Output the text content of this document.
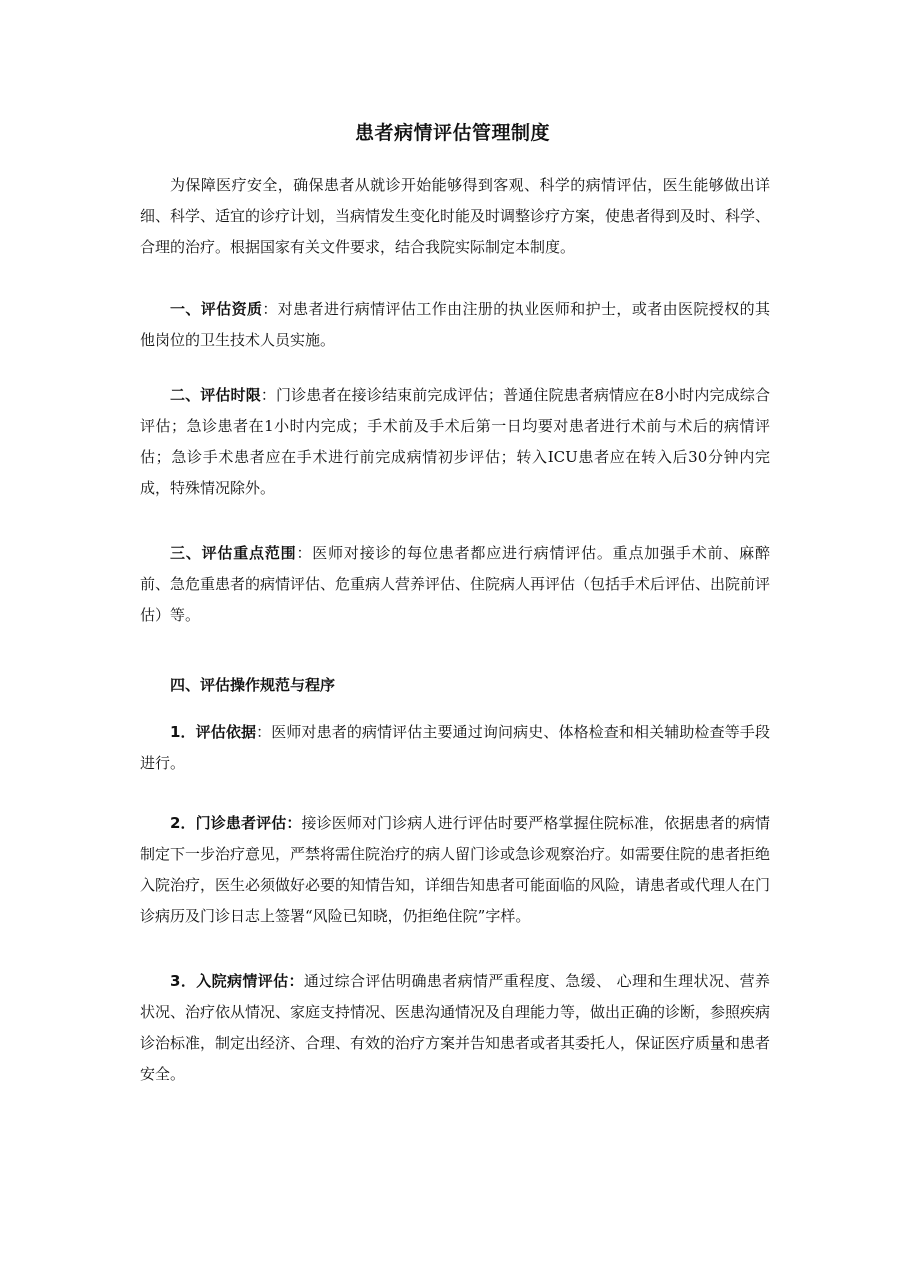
患者病情评估管理制度

为保障医疗安全，确保患者从就诊开始能够得到客观、科学的病情评估，医生能够做出详细、科学、适宜的诊疗计划，当病情发生变化时能及时调整诊疗方案，使患者得到及时、科学、合理的治疗。根据国家有关文件要求，结合我院实际制定本制度。

一、评估资质：对患者进行病情评估工作由注册的执业医师和护士，或者由医院授权的其他岗位的卫生技术人员实施。

二、评估时限：门诊患者在接诊结束前完成评估；普通住院患者病情应在8小时内完成综合评估；急诊患者在1小时内完成；手术前及手术后第一日均要对患者进行术前与术后的病情评估；急诊手术患者应在手术进行前完成病情初步评估；转入ICU患者应在转入后30分钟内完成，特殊情况除外。

三、评估重点范围：医师对接诊的每位患者都应进行病情评估。重点加强手术前、麻醉前、急危重患者的病情评估、危重病人营养评估、住院病人再评估（包括手术后评估、出院前评估）等。

四、评估操作规范与程序

1．评估依据：医师对患者的病情评估主要通过询问病史、体格检查和相关辅助检查等手段进行。

2．门诊患者评估：接诊医师对门诊病人进行评估时要严格掌握住院标准，依据患者的病情制定下一步治疗意见，严禁将需住院治疗的病人留门诊或急诊观察治疗。如需要住院的患者拒绝入院治疗，医生必须做好必要的知情告知，详细告知患者可能面临的风险，请患者或代理人在门诊病历及门诊日志上签署“风险已知晓，仍拒绝住院”字样。

3．入院病情评估：通过综合评估明确患者病情严重程度、急缓、 心理和生理状况、营养状况、治疗依从情况、家庭支持情况、医患沟通情况及自理能力等，做出正确的诊断，参照疾病诊治标准，制定出经济、合理、有效的治疗方案并告知患者或者其委托人，保证医疗质量和患者安全。
